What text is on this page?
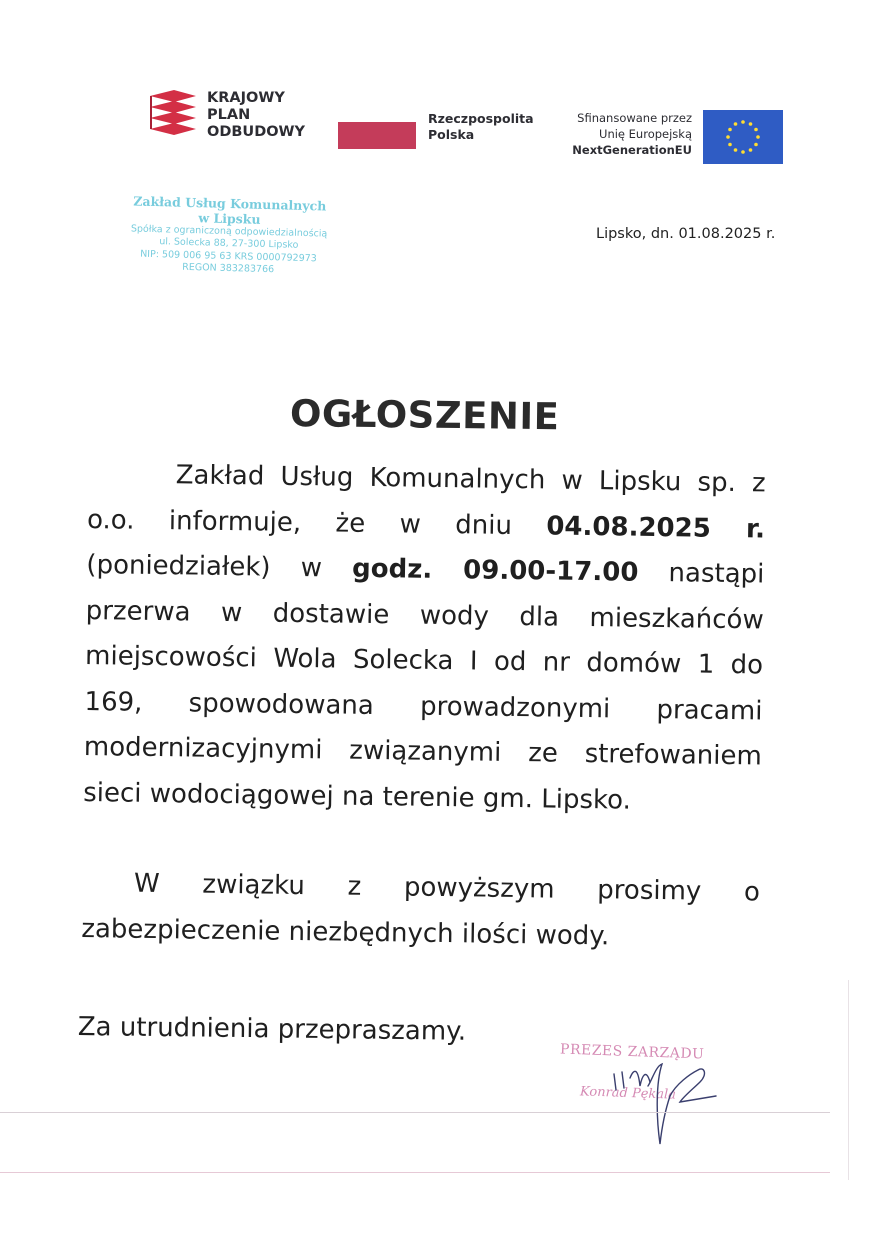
KRAJOWY
PLAN
ODBUDOWY
Rzeczpospolita
Polska
Sfinansowane przez
Unię Europejską
NextGenerationEU
Zakład Usług Komunalnych
w Lipsku
Spółka z ograniczoną odpowiedzialnością
ul. Solecka 88, 27-300 Lipsko
NIP: 509 006 95 63 KRS 0000792973
REGON 383283766
Lipsko, dn. 01.08.2025 r.
OGŁOSZENIE

Zakład Usług Komunalnych w Lipsku sp. z o.o. informuje, że w dniu 04.08.2025 r. (poniedziałek) w godz. 09.00-17.00 nastąpi przerwa w dostawie wody dla mieszkańców miejscowości Wola Solecka I od nr domów 1 do 169, spowodowana prowadzonymi pracami modernizacyjnymi związanymi ze strefowaniem sieci wodociągowej na terenie gm. Lipsko.

W związku z powyższym prosimy o zabezpieczenie niezbędnych ilości wody.

Za utrudnienia przepraszamy.
PREZES ZARZĄDU
Konrad Pękala
